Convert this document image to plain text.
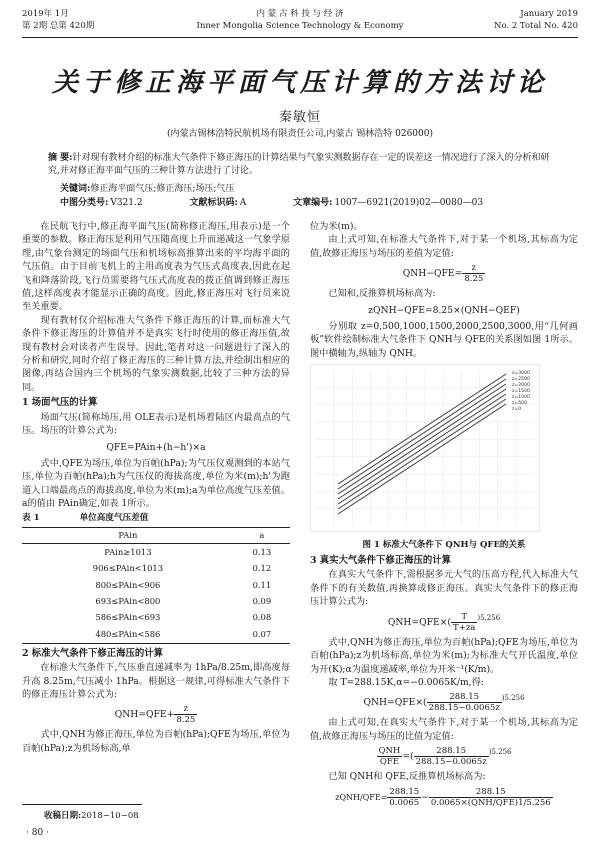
2019年 1月
第 2期 总第 420期
内 蒙 古 科 技 与 经 济
Inner Mongolia Science Technology & Economy
January 2019
No. 2 Total No. 420
关于修正海平面气压计算的方法讨论
秦敏恒
(内蒙古锡林浩特民航机场有限责任公司,内蒙古 锡林浩特 026000)
摘 要:针对现有教材介绍的标准大气条件下修正海压的计算结果与气象实测数据存在一定的误差这一情况进行了深入的分析和研究,并对修正海平面气压的三种计算方法进行了讨论。
关键词:修正海平面气压;修正海压;场压;气压
中图分类号: V321.2	文献标识码: A	文章编号: 1007—6921(2019)02—0080—03

在民航飞行中,修正海平面气压(简称修正海压,用表示)是一个重要的参数。修正海压是利用气压随高度上升而递减这一气象学原理,由气象台测定的场面气压和机场标高推算出来的平均海平面的气压值。由于目前飞机上的主用高度表为气压式高度表,因此在起飞和降落阶段,飞行员需要将气压式高度表的拨正值调到修正海压值,这样高度表才能显示正确的高度。因此,修正海压对飞行员来说至关重要。

现有教材仅介绍标准大气条件下修正海压的计算,而标准大气条件下修正海压的计算值并不是真实飞行时使用的修正海压值,故现有教材会对读者产生误导。因此,笔者对这一问题进行了深入的分析和研究,同时介绍了修正海压的三种计算方法,并绘制出相应的图像,再结合国内三个机场的气象实测数据,比较了三种方法的异同。

1 场面气压的计算

场面气压(简称场压,用 OLE表示)是机场着陆区内最高点的气压。场压的计算公式为:

QFE=PAin+(h−h')×a

式中,QFE为场压,单位为百帕(hPa);为气压仪观测到的本站气压,单位为百帕(hPa);h为气压仪的海拔高度,单位为米(m);h'为跑道入口端最高点的海拔高度,单位为米(m);a为单位高度气压差值。a的值由 PAin确定,如表 1所示。

表 1	单位高度气压差值
PAin	a
PAin≥1013	0.13
906≤PAin<1013	0.12
800≤PAin<906	0.11
693≤PAin<800	0.09
586≤PAin<693	0.08
480≤PAin<586	0.07
2 标准大气条件下修正海压的计算

在标准大气条件下,气压垂直递减率为 1hPa/8.25m,即高度每升高 8.25m,气压减小 1hPa。根据这一规律,可得标准大气条件下的修正海压计算公式为:

$QNH=QFE+ \frac{z}{8.25}$

式中,QNH为修正海压,单位为百帕(hPa);QFE为场压,单位为百帕(hPa);z为机场标高,单

位为米(m)。

由上式可知,在标准大气条件下,对于某一个机场,其标高为定值,故修正海压与场压的差值为定值:

$QNH-QFE= \frac{z}{8.25}$

已知和,反推算机场标高为:

zQNH−QFE=8.25×(QNH−QEF)

分别取 z=0,500,1000,1500,2000,2500,3000,用“几何画板”软件绘制标准大气条件下 QNH与 QFE的关系图如图 1所示。图中横轴为,纵轴为 QNH。

z=3000
z=2500
z=2000
z=1500
z=1000
z=500
z=0
图 1 标准大气条件下 QNH与 QFE的关系
3 真实大气条件下修正海压的计算

在真实大气条件下,需根据多元大气的压高方程,代入标准大气条件下的有关数值,再换算成修正海压。真实大气条件下的修正海压计算公式为:

$QNH=QFE\times( \frac{T}{T+za} ^{)5.256}$

式中,QNH为修正海压,单位为百帕(hPa);QFE为场压,单位为百帕(hPa);z为机场标高,单位为米(m);为标准大气开氏温度,单位为开(K);α为温度递减率,单位为开米⁻¹(K/m)。

取 T=288.15K,α=−0.0065K/m,得:

$QNH=QFE\times( \frac{288.15}{288.15-0.0065z} ^{)5.256}$

由上式可知,在真实大气条件下,对于某一个机场,其标高为定值,故修正海压与场压的比值为定值:

$\frac{\text{QNH}}{\text{QFE}}$ =( $\frac{288.15}{288.15-0.0065z} ^{)5.256}$

已知 QNH和 QFE,反推算机场标高为:

zQNH/QFE= $\frac{288.15}{0.0065} - \frac{288.15}{\text{0.0065×(QNH/QFE)1/5.256}}$
收稿日期:2018−10−08
· 80 ·
